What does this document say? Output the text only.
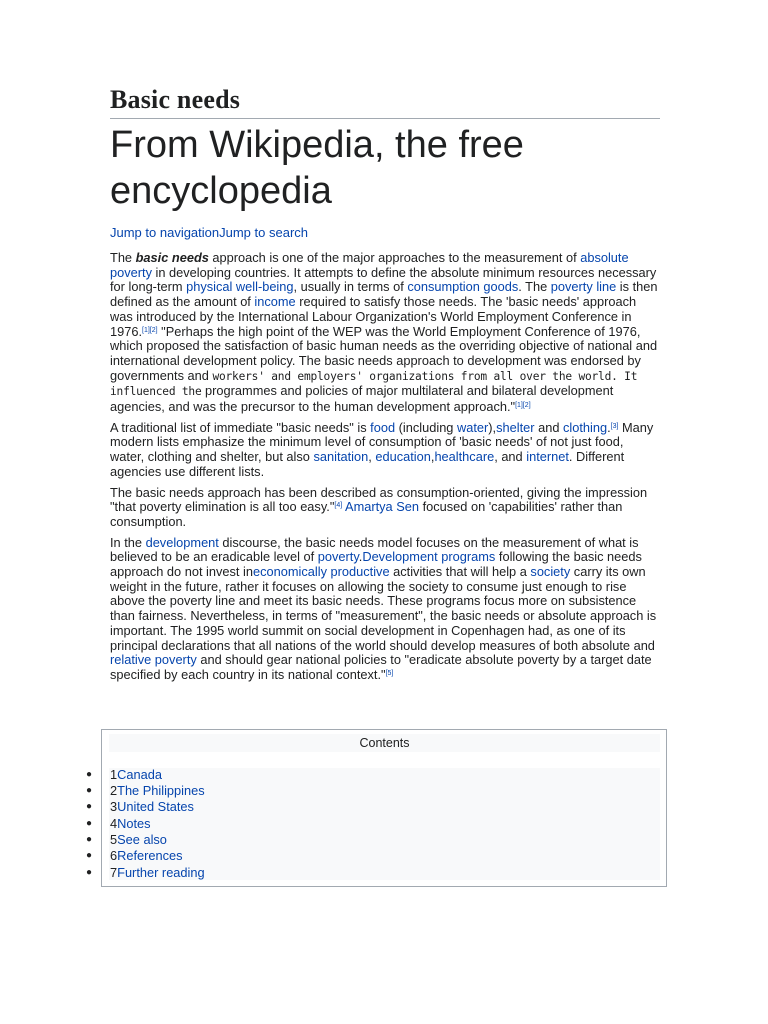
Basic needs
From Wikipedia, the free encyclopedia
Jump to navigationJump to search

The basic needs approach is one of the major approaches to the measurement of absolute poverty in developing countries. It attempts to define the absolute minimum resources necessary for long-term physical well-being, usually in terms of consumption goods. The poverty line is then defined as the amount of income required to satisfy those needs. The 'basic needs' approach was introduced by the International Labour Organization's World Employment Conference in 1976.[1][2] "Perhaps the high point of the WEP was the World Employment Conference of 1976, which proposed the satisfaction of basic human needs as the overriding objective of national and international development policy. The basic needs approach to development was endorsed by governments and workers' and employers' organizations from all over the world. It influenced the programmes and policies of major multilateral and bilateral development agencies, and was the precursor to the human development approach."[1][2]

A traditional list of immediate "basic needs" is food (including water),shelter and clothing.[3] Many modern lists emphasize the minimum level of consumption of 'basic needs' of not just food, water, clothing and shelter, but also sanitation, education,healthcare, and internet. Different agencies use different lists.

The basic needs approach has been described as consumption-oriented, giving the impression "that poverty elimination is all too easy."[4] Amartya Sen focused on 'capabilities' rather than consumption.

In the development discourse, the basic needs model focuses on the measurement of what is believed to be an eradicable level of poverty.Development programs following the basic needs approach do not invest ineconomically productive activities that will help a society carry its own weight in the future, rather it focuses on allowing the society to consume just enough to rise above the poverty line and meet its basic needs. These programs focus more on subsistence than fairness. Nevertheless, in terms of "measurement", the basic needs or absolute approach is important. The 1995 world summit on social development in Copenhagen had, as one of its principal declarations that all nations of the world should develop measures of both absolute and relative poverty and should gear national policies to "eradicate absolute poverty by a target date specified by each country in its national context."[5]

Contents
●
●
●
●
●
●
●
1Canada
2The Philippines
3United States
4Notes
5See also
6References
7Further reading
